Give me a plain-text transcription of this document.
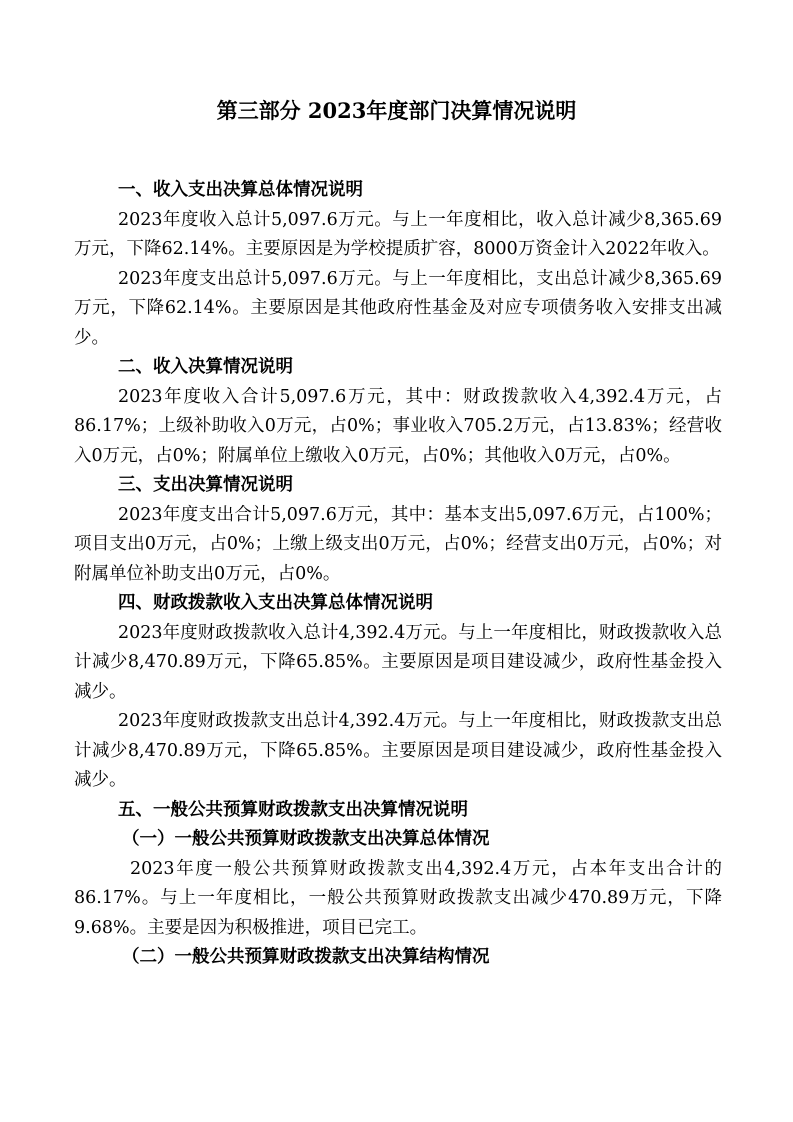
第三部分 2023年度部门决算情况说明

一、收入支出决算总体情况说明

2023年度收入总计5,097.6万元。与上一年度相比，收入总计减少8,365.69万元，下降62.14%。主要原因是为学校提质扩容，8000万资金计入2022年收入。

2023年度支出总计5,097.6万元。与上一年度相比，支出总计减少8,365.69万元，下降62.14%。主要原因是其他政府性基金及对应专项债务收入安排支出减少。

二、收入决算情况说明

2023年度收入合计5,097.6万元，其中：财政拨款收入4,392.4万元，占86.17%；上级补助收入0万元，占0%；事业收入705.2万元，占13.83%；经营收入0万元，占0%；附属单位上缴收入0万元，占0%；其他收入0万元，占0%。

三、支出决算情况说明

2023年度支出合计5,097.6万元，其中：基本支出5,097.6万元，占100%；项目支出0万元，占0%；上缴上级支出0万元，占0%；经营支出0万元，占0%；对附属单位补助支出0万元，占0%。

四、财政拨款收入支出决算总体情况说明

2023年度财政拨款收入总计4,392.4万元。与上一年度相比，财政拨款收入总计减少8,470.89万元，下降65.85%。主要原因是项目建设减少，政府性基金投入减少。

2023年度财政拨款支出总计4,392.4万元。与上一年度相比，财政拨款支出总计减少8,470.89万元，下降65.85%。主要原因是项目建设减少，政府性基金投入减少。

五、一般公共预算财政拨款支出决算情况说明

（一）一般公共预算财政拨款支出决算总体情况

2023年度一般公共预算财政拨款支出4,392.4万元，占本年支出合计的86.17%。与上一年度相比，一般公共预算财政拨款支出减少470.89万元，下降9.68%。主要是因为积极推进，项目已完工。

（二）一般公共预算财政拨款支出决算结构情况
